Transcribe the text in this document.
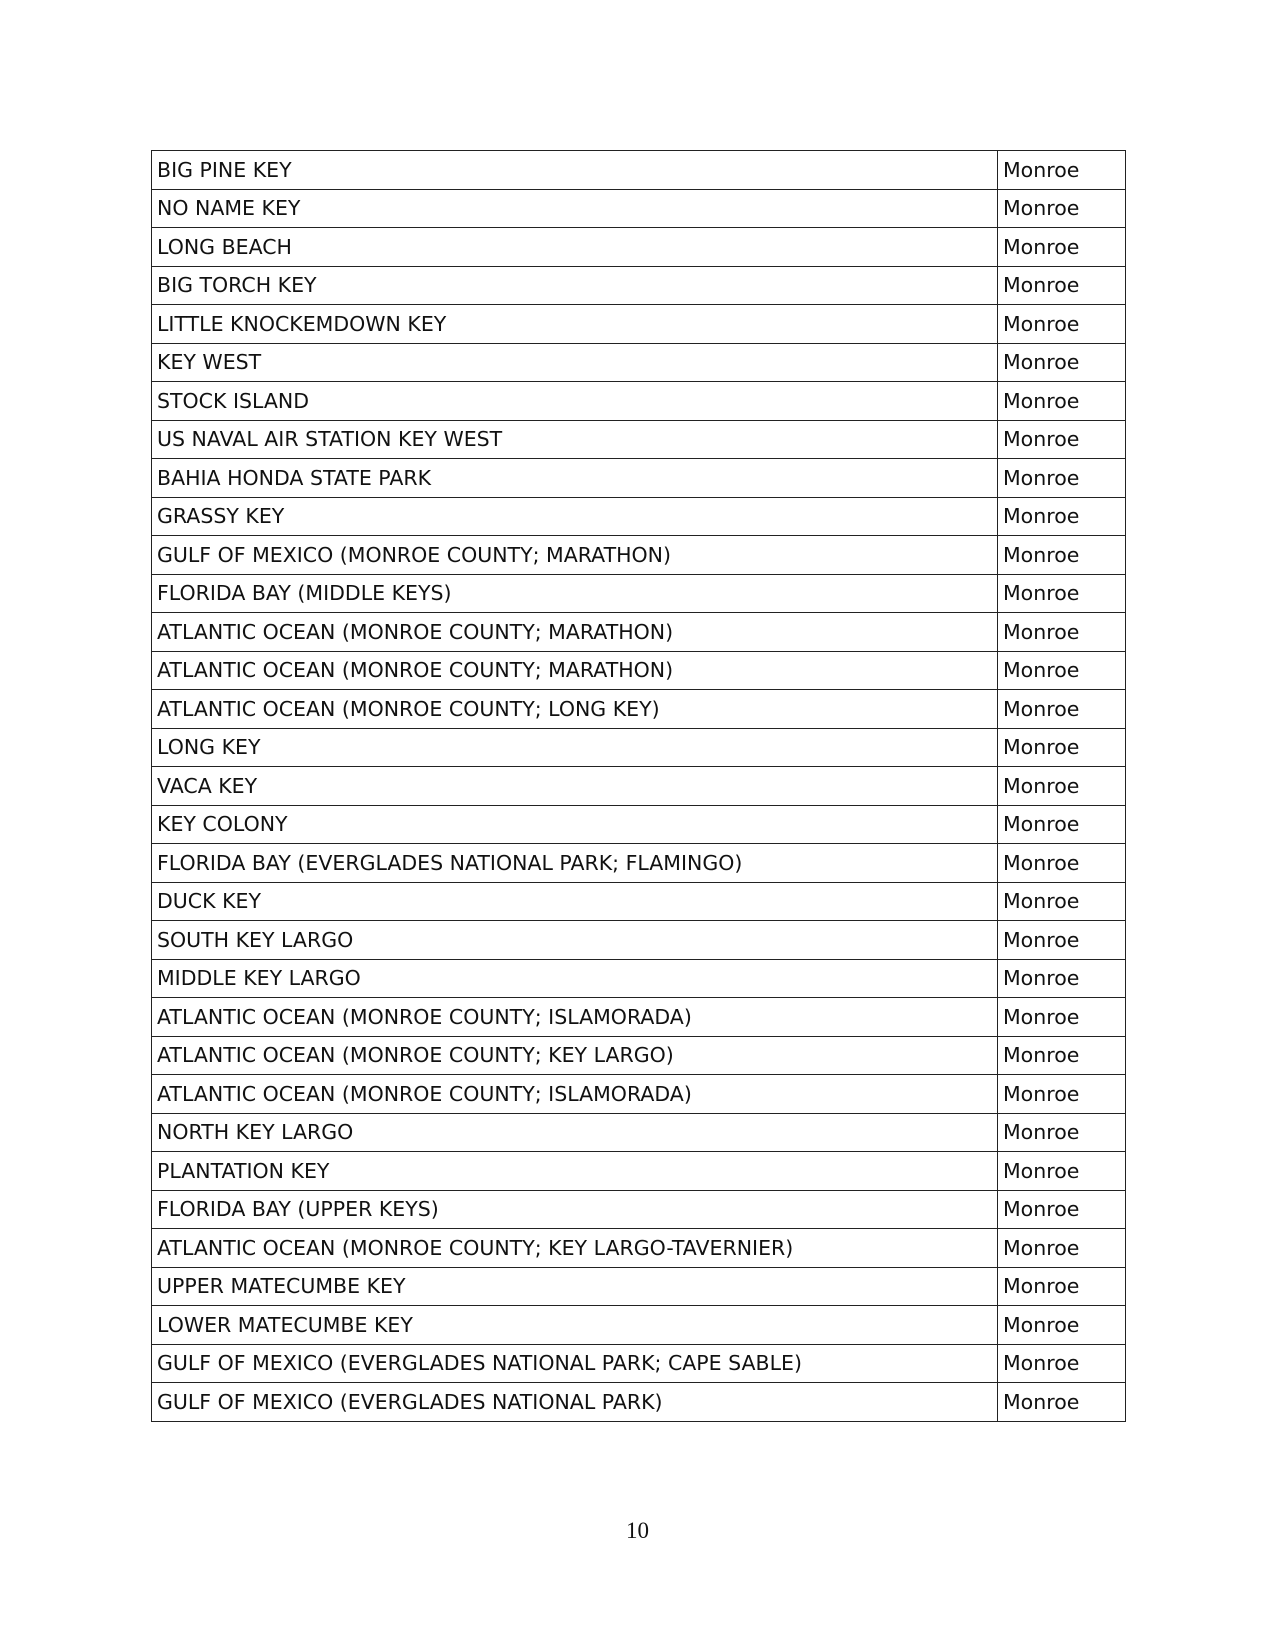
BIG PINE KEY	Monroe
NO NAME KEY	Monroe
LONG BEACH	Monroe
BIG TORCH KEY	Monroe
LITTLE KNOCKEMDOWN KEY	Monroe
KEY WEST	Monroe
STOCK ISLAND	Monroe
US NAVAL AIR STATION KEY WEST	Monroe
BAHIA HONDA STATE PARK	Monroe
GRASSY KEY	Monroe
GULF OF MEXICO (MONROE COUNTY; MARATHON)	Monroe
FLORIDA BAY (MIDDLE KEYS)	Monroe
ATLANTIC OCEAN (MONROE COUNTY; MARATHON)	Monroe
ATLANTIC OCEAN (MONROE COUNTY; MARATHON)	Monroe
ATLANTIC OCEAN (MONROE COUNTY; LONG KEY)	Monroe
LONG KEY	Monroe
VACA KEY	Monroe
KEY COLONY	Monroe
FLORIDA BAY (EVERGLADES NATIONAL PARK; FLAMINGO)	Monroe
DUCK KEY	Monroe
SOUTH KEY LARGO	Monroe
MIDDLE KEY LARGO	Monroe
ATLANTIC OCEAN (MONROE COUNTY; ISLAMORADA)	Monroe
ATLANTIC OCEAN (MONROE COUNTY; KEY LARGO)	Monroe
ATLANTIC OCEAN (MONROE COUNTY; ISLAMORADA)	Monroe
NORTH KEY LARGO	Monroe
PLANTATION KEY	Monroe
FLORIDA BAY (UPPER KEYS)	Monroe
ATLANTIC OCEAN (MONROE COUNTY; KEY LARGO-TAVERNIER)	Monroe
UPPER MATECUMBE KEY	Monroe
LOWER MATECUMBE KEY	Monroe
GULF OF MEXICO (EVERGLADES NATIONAL PARK; CAPE SABLE)	Monroe
GULF OF MEXICO (EVERGLADES NATIONAL PARK)	Monroe
10
